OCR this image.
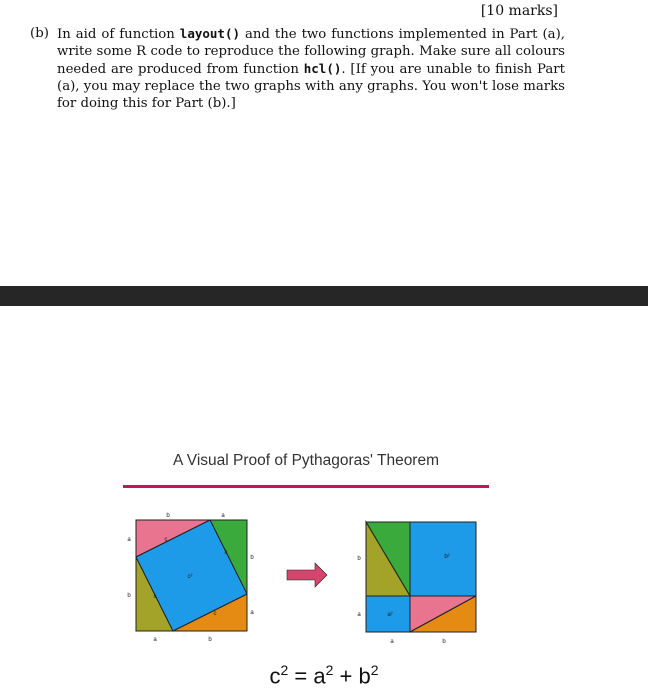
[10 marks]
(b) In aid of function layout() and the two functions implemented in Part (a), write some R code to reproduce the following graph. Make sure all colours needed are produced from function hcl(). [If you are unable to finish Part (a), you may replace the two graphs with any graphs. You won't lose marks for doing this for Part (b).]
A Visual Proof of Pythagoras' Theorem
b	a
b
a
a	b
a
b
c
c
c
c
c²
b
a
a	b
b²
a²
$c^2 = a^2 + b^2$
